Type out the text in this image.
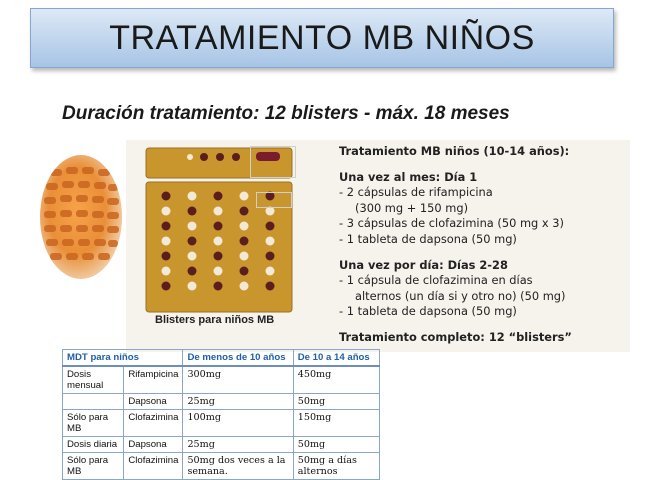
TRATAMIENTO MB NIÑOS
Duración tratamiento: 12 blisters - máx. 18 meses
Blisters para niños MB
Tratamiento MB niños (10-14 años):
Una vez al mes: Día 1
- 2 cápsulas de rifampicina
(300 mg + 150 mg)
- 3 cápsulas de clofazimina (50 mg x 3)
- 1 tableta de dapsona (50 mg)
Una vez por día: Días 2-28
- 1 cápsula de clofazimina en días
alternos (un día si y otro no) (50 mg)
- 1 tableta de dapsona (50 mg)
Tratamiento completo: 12 “blisters”
MDT para niños		De menos de 10 años	De 10 a 14 años
Dosis mensual	Rifampicina	300mg	450mg
	Dapsona	25mg	50mg
Sólo para MB	Clofazimina	100mg	150mg
Dosis diaria	Dapsona	25mg	50mg
Sólo para MB	Clofazimina	50mg dos veces a la semana.	50mg a días alternos
